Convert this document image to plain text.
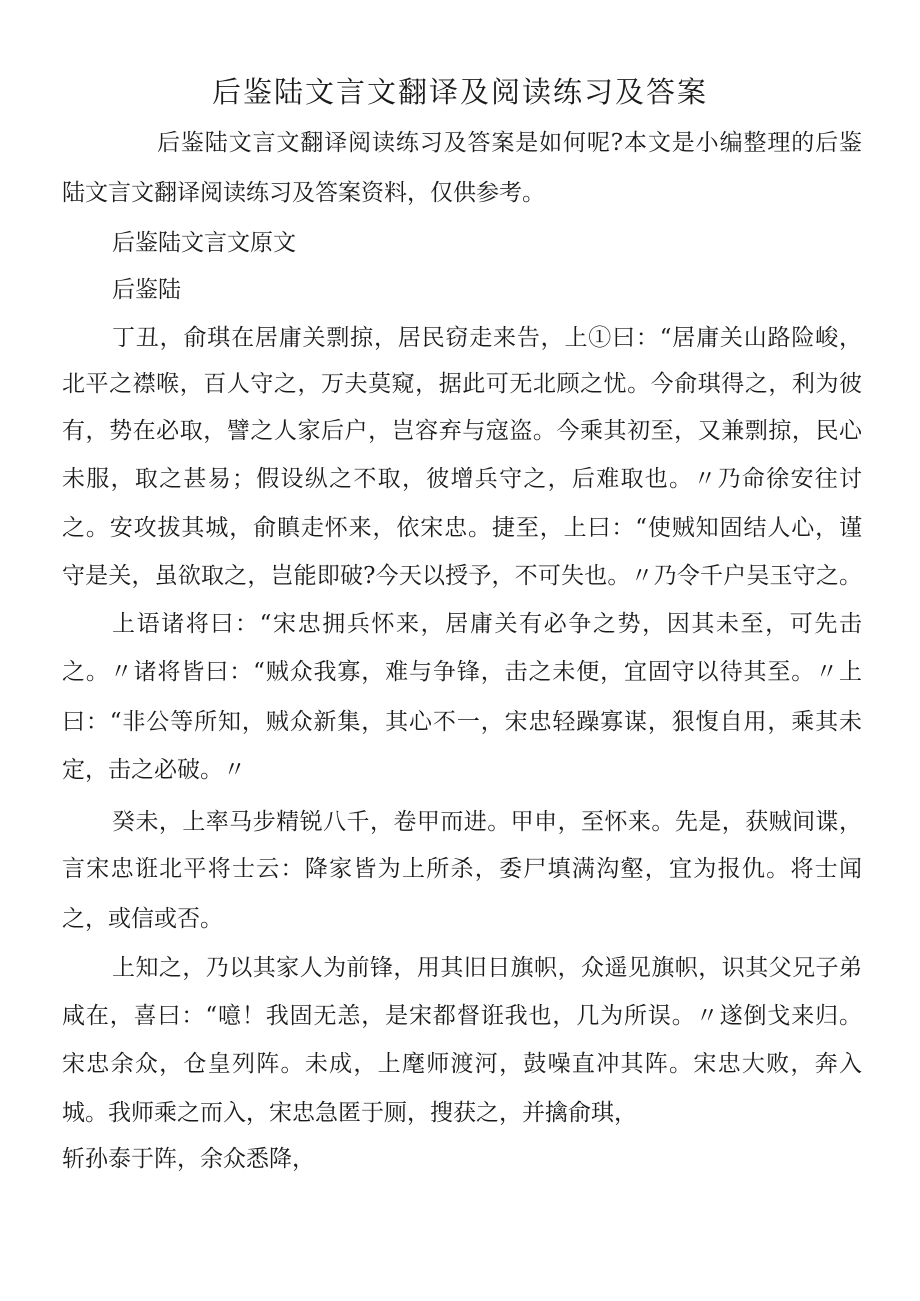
后鉴陆文言文翻译及阅读练习及答案

后鉴陆文言文翻译阅读练习及答案是如何呢?本文是小编整理的后鉴

陆文言文翻译阅读练习及答案资料，仅供参考。

后鉴陆文言文原文

后鉴陆

丁丑，俞琪在居庸关剽掠，居民窃走来告，上①曰：“居庸关山路险峻，

北平之襟喉，百人守之，万夫莫窥，据此可无北顾之忧。今俞琪得之，利为彼

有，势在必取，譬之人家后户，岂容弃与寇盗。今乘其初至，又兼剽掠，民心

未服，取之甚易；假设纵之不取，彼增兵守之，后难取也。〃乃命徐安往讨

之。安攻拔其城，俞瞋走怀来，依宋忠。捷至，上曰：“使贼知固结人心，谨

守是关，虽欲取之，岂能即破?今天以授予，不可失也。〃乃令千户吴玉守之。

上语诸将曰：“宋忠拥兵怀来，居庸关有必争之势，因其未至，可先击

之。〃诸将皆曰：“贼众我寡，难与争锋，击之未便，宜固守以待其至。〃上

曰：“非公等所知，贼众新集，其心不一，宋忠轻躁寡谋，狠愎自用，乘其未

定，击之必破。〃

癸未，上率马步精锐八千，卷甲而进。甲申，至怀来。先是，获贼间谍，

言宋忠诳北平将士云：降家皆为上所杀，委尸填满沟壑，宜为报仇。将士闻

之，或信或否。

上知之，乃以其家人为前锋，用其旧日旗帜，众遥见旗帜，识其父兄子弟

咸在，喜曰：“噫！我固无恙，是宋都督诳我也，几为所误。〃遂倒戈来归。

宋忠余众，仓皇列阵。未成，上麾师渡河，鼓噪直冲其阵。宋忠大败，奔入

城。我师乘之而入，宋忠急匿于厕，搜获之，并擒俞琪，

斩孙泰于阵，余众悉降，
